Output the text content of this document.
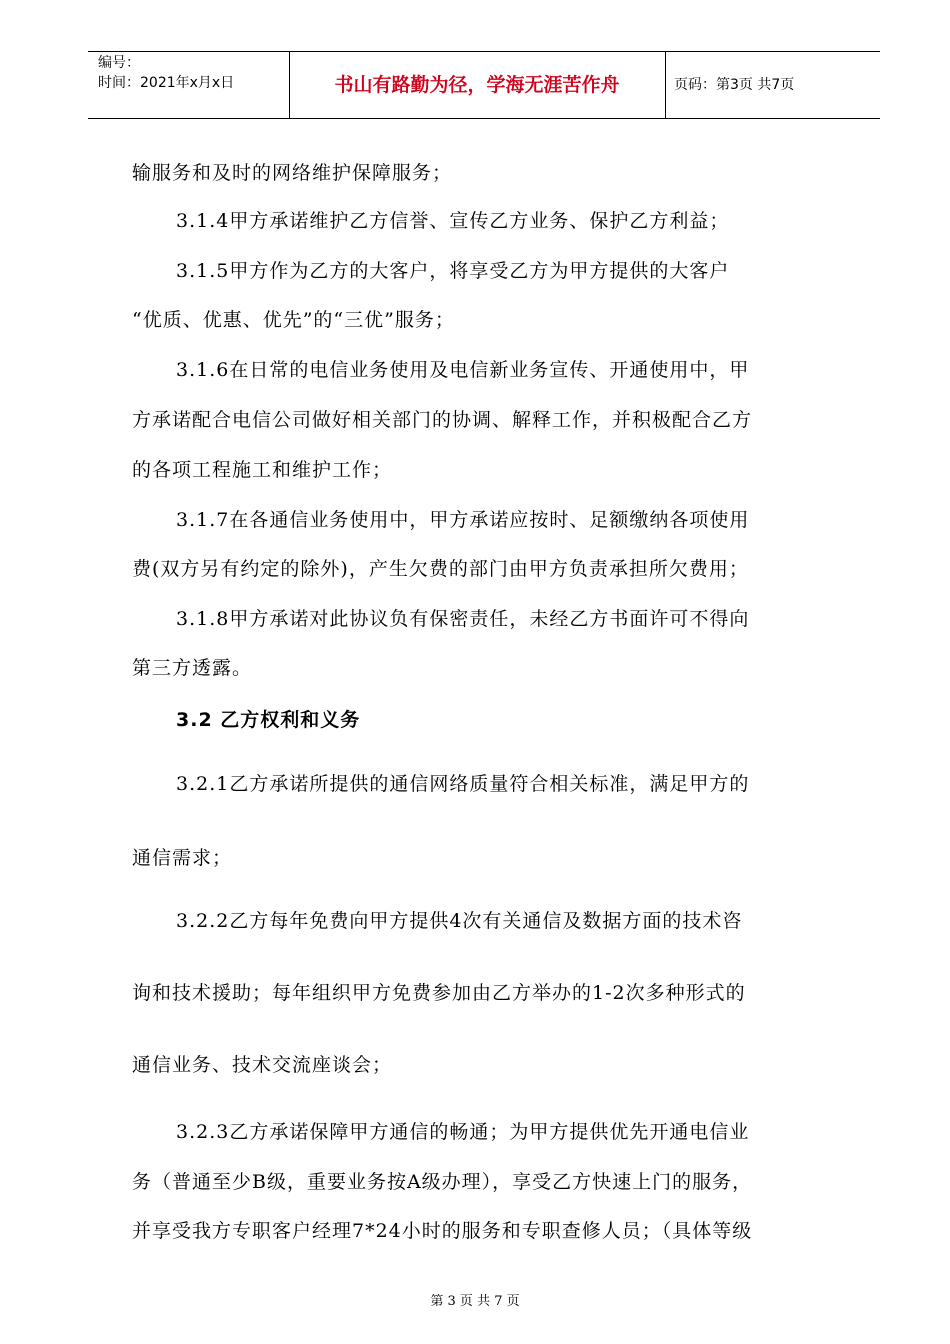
编号：
时间：2021年x月x日	书山有路勤为径，学海无涯苦作舟	页码：第3页 共7页
输服务和及时的网络维护保障服务；
3.1.4甲方承诺维护乙方信誉、宣传乙方业务、保护乙方利益；
3.1.5甲方作为乙方的大客户，将享受乙方为甲方提供的大客户
“优质、优惠、优先”的“三优”服务；
3.1.6在日常的电信业务使用及电信新业务宣传、开通使用中，甲
方承诺配合电信公司做好相关部门的协调、解释工作，并积极配合乙方
的各项工程施工和维护工作；
3.1.7在各通信业务使用中，甲方承诺应按时、足额缴纳各项使用
费(双方另有约定的除外)，产生欠费的部门由甲方负责承担所欠费用；
3.1.8甲方承诺对此协议负有保密责任，未经乙方书面许可不得向
第三方透露。
3.2 乙方权利和义务
3.2.1乙方承诺所提供的通信网络质量符合相关标准，满足甲方的
通信需求；
3.2.2乙方每年免费向甲方提供4次有关通信及数据方面的技术咨
询和技术援助；每年组织甲方免费参加由乙方举办的1-2次多种形式的
通信业务、技术交流座谈会；
3.2.3乙方承诺保障甲方通信的畅通；为甲方提供优先开通电信业
务（普通至少B级，重要业务按A级办理），享受乙方快速上门的服务，
并享受我方专职客户经理7*24小时的服务和专职查修人员；（具体等级
第 3 页 共 7 页
